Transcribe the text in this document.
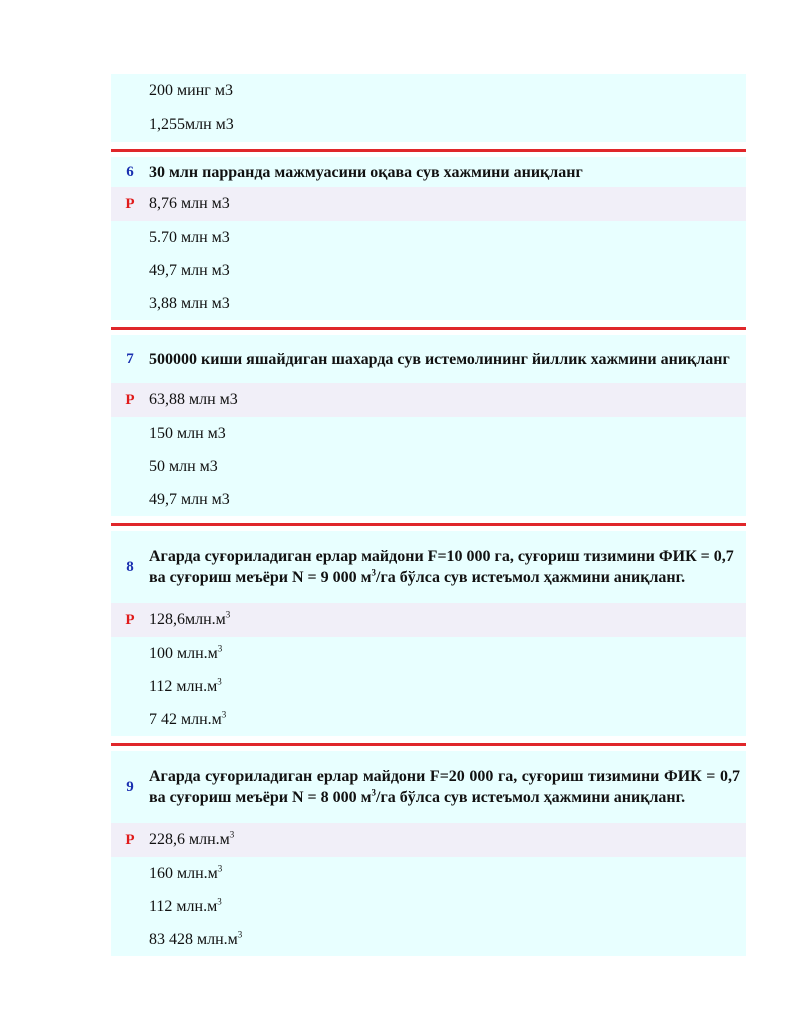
200 минг м3
1,255млн м3
6 30 млн парранда мажмуасини оқава сув хажмини аниқланг
P 8,76 млн м3
5.70 млн м3
49,7 млн м3
3,88 млн м3
7 500000 киши яшайдиган шахарда сув истемолининг йиллик хажмини аниқланг
P 63,88 млн м3
150 млн м3
50 млн м3
49,7 млн м3
8
Агарда суғориладиган ерлар майдони F=10 000 га, суғориш тизимини ФИК = 0,7 ва суғориш меъёри N = 9 000 $м^3/га$ бўлса сув истеъмол ҳажмини аниқланг.
P $128,6млн.м^3$
100 $млн.м^3$
112 $млн.м^3$
7 42 $млн.м^3$
9
Агарда суғориладиган ерлар майдони F=20 000 га, суғориш тизимини ФИК = 0,7 ва суғориш меъёри N = 8 000 $м^3/га$ бўлса сув истеъмол ҳажмини аниқланг.
P 228,6 $млн.м^3$
160 $млн.м^3$
112 $млн.м^3$
83 428 $млн.м^3$
